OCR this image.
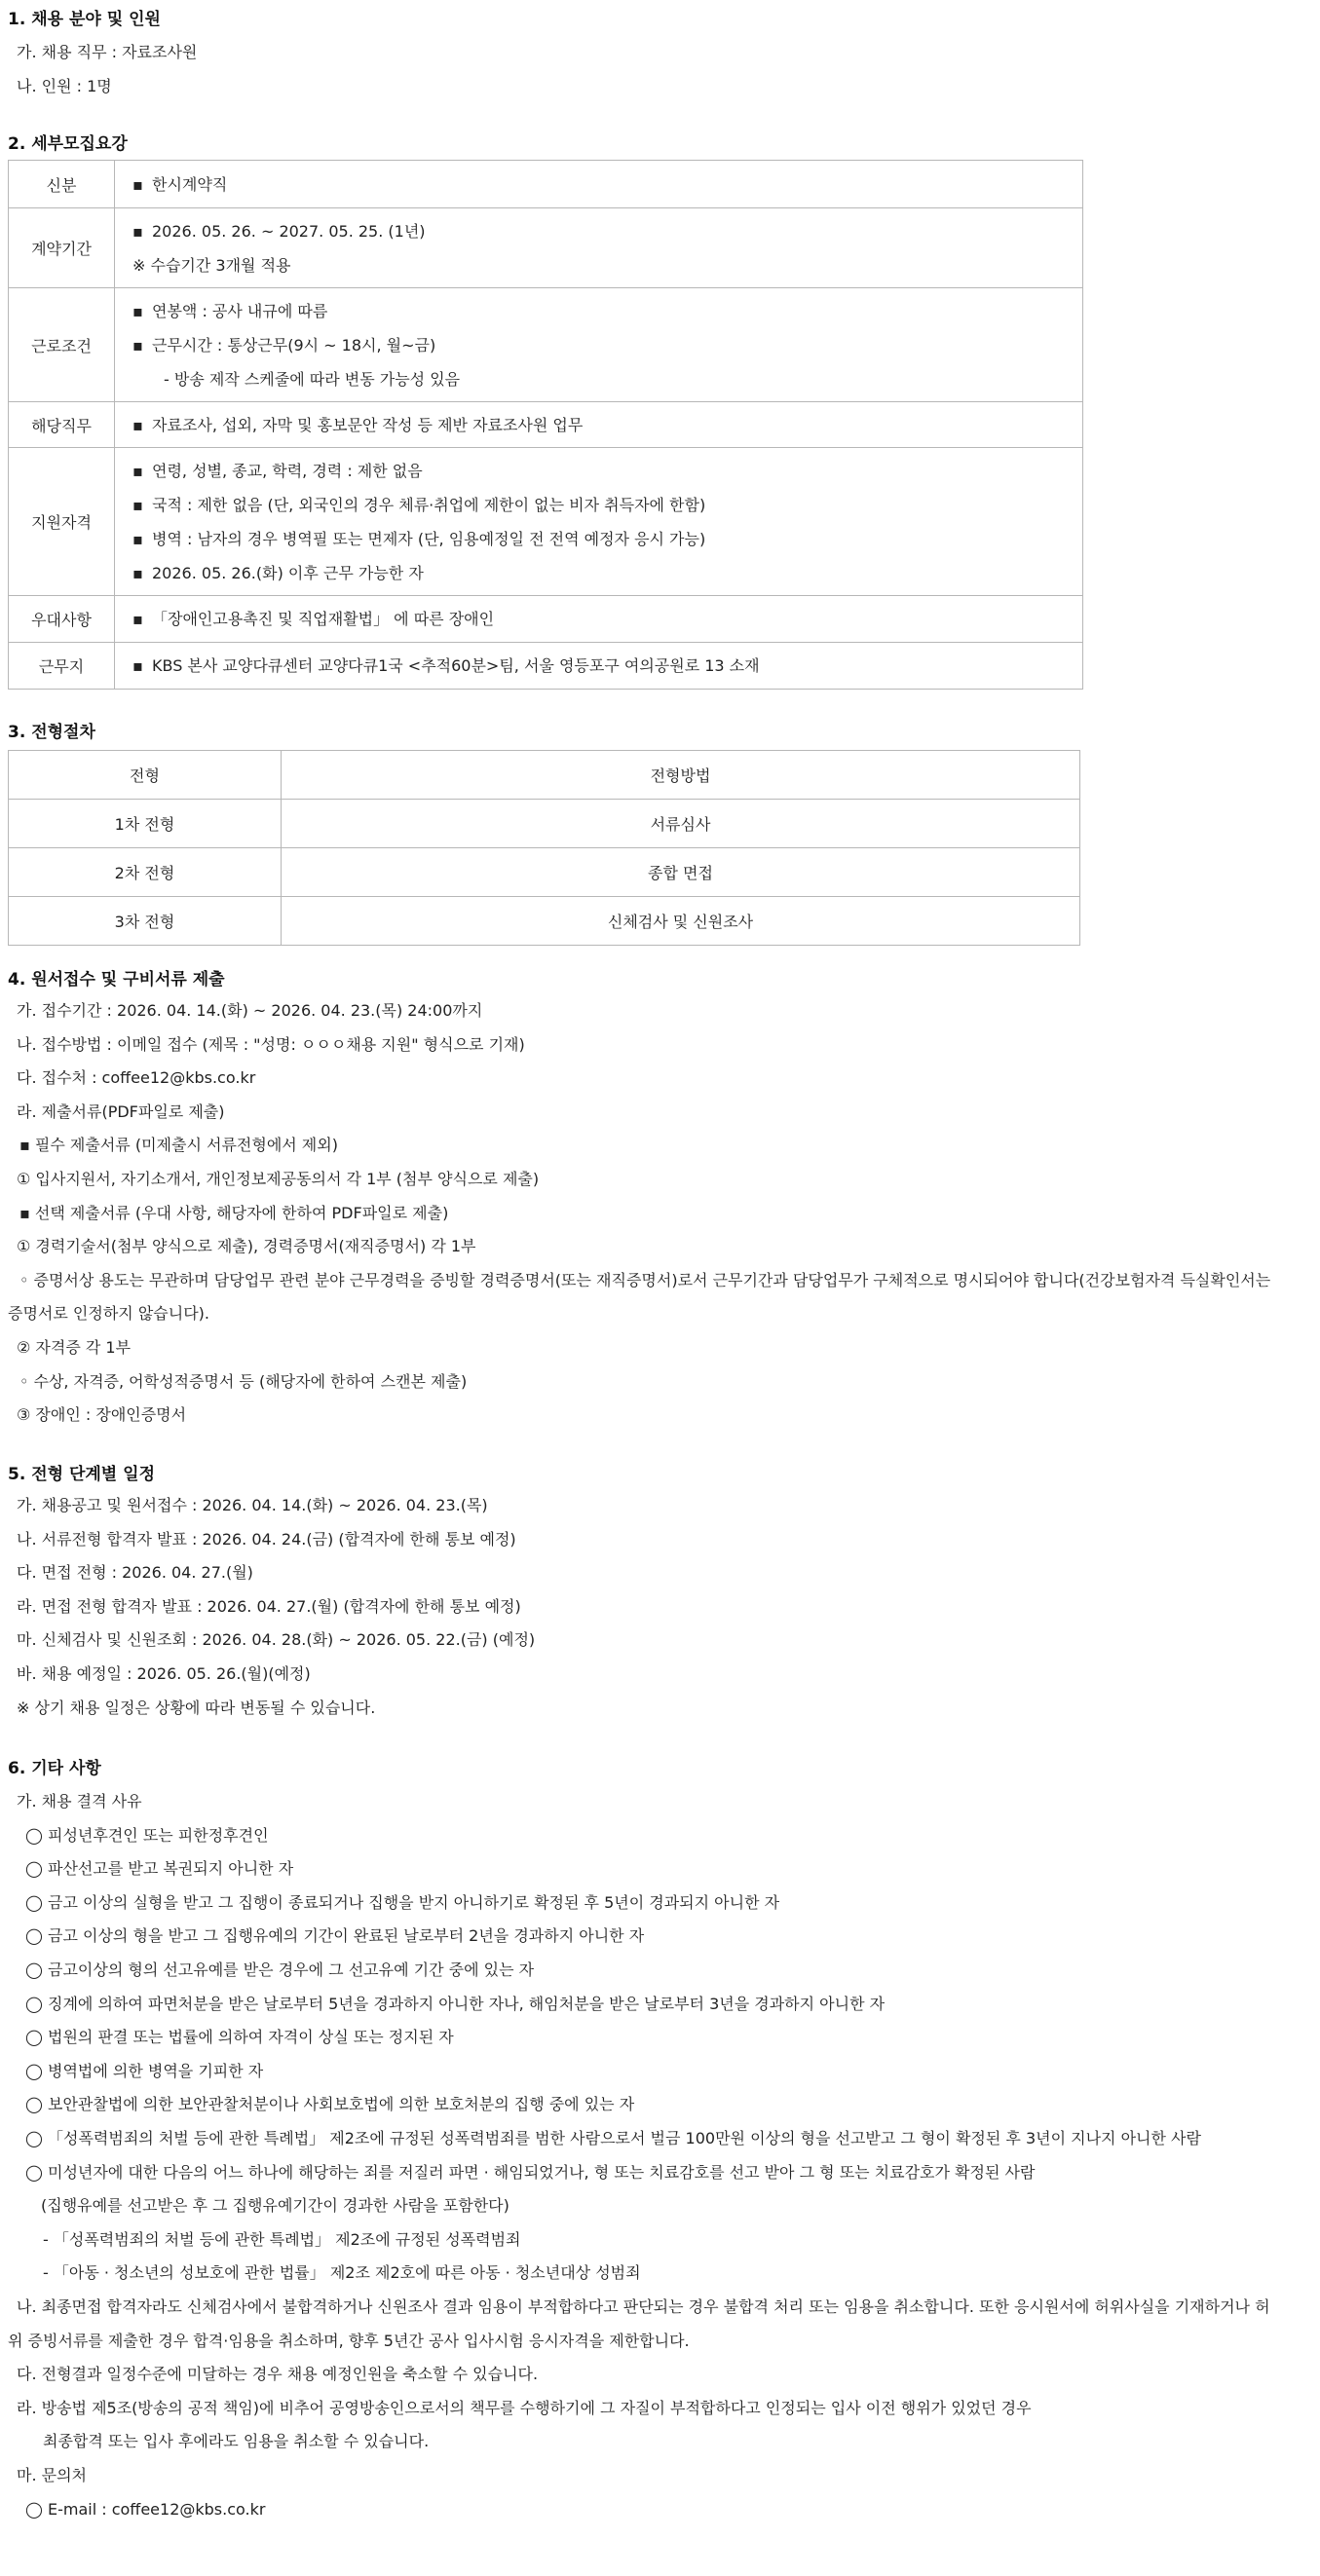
1. 채용 분야 및 인원
가. 채용 직무 : 자료조사원
나. 인원 : 1명
2. 세부모집요강
신분	▪ 한시계약직

계약기간	▪ 2026. 05. 26. ~ 2027. 05. 25. (1년)
※ 수습기간 3개월 적용

근로조건	▪ 연봉액 : 공사 내규에 따름
▪ 근무시간 : 통상근무(9시 ~ 18시, 월~금)
- 방송 제작 스케줄에 따라 변동 가능성 있음

해당직무	▪ 자료조사, 섭외, 자막 및 홍보문안 작성 등 제반 자료조사원 업무

지원자격	▪ 연령, 성별, 종교, 학력, 경력 : 제한 없음
▪ 국적 : 제한 없음 (단, 외국인의 경우 체류·취업에 제한이 없는 비자 취득자에 한함)
▪ 병역 : 남자의 경우 병역필 또는 면제자 (단, 임용예정일 전 전역 예정자 응시 가능)
▪ 2026. 05. 26.(화) 이후 근무 가능한 자

우대사항	▪ 「장애인고용촉진 및 직업재활법」 에 따른 장애인

근무지	▪ KBS 본사 교양다큐센터 교양다큐1국 <추적60분>팀, 서울 영등포구 여의공원로 13 소재
3. 전형절차
전형	전형방법
1차 전형	서류심사
2차 전형	종합 면접
3차 전형	신체검사 및 신원조사
4. 원서접수 및 구비서류 제출
가. 접수기간 : 2026. 04. 14.(화) ~ 2026. 04. 23.(목) 24:00까지
나. 접수방법 : 이메일 접수 (제목 : "성명: ㅇㅇㅇ채용 지원" 형식으로 기재)
다. 접수처 : coffee12@kbs.co.kr
라. 제출서류(PDF파일로 제출)
▪ 필수 제출서류 (미제출시 서류전형에서 제외)
① 입사지원서, 자기소개서, 개인정보제공동의서 각 1부 (첨부 양식으로 제출)
▪ 선택 제출서류 (우대 사항, 해당자에 한하여 PDF파일로 제출)
① 경력기술서(첨부 양식으로 제출), 경력증명서(재직증명서) 각 1부
◦ 증명서상 용도는 무관하며 담당업무 관련 분야 근무경력을 증빙할 경력증명서(또는 재직증명서)로서 근무기간과 담당업무가 구체적으로 명시되어야 합니다(건강보험자격 득실확인서는
증명서로 인정하지 않습니다).
② 자격증 각 1부
◦ 수상, 자격증, 어학성적증명서 등 (해당자에 한하여 스캔본 제출)
③ 장애인 : 장애인증명서
5. 전형 단계별 일정
가. 채용공고 및 원서접수 : 2026. 04. 14.(화) ~ 2026. 04. 23.(목)
나. 서류전형 합격자 발표 : 2026. 04. 24.(금) (합격자에 한해 통보 예정)
다. 면접 전형 : 2026. 04. 27.(월)
라. 면접 전형 합격자 발표 : 2026. 04. 27.(월) (합격자에 한해 통보 예정)
마. 신체검사 및 신원조회 : 2026. 04. 28.(화) ~ 2026. 05. 22.(금) (예정)
바. 채용 예정일 : 2026. 05. 26.(월)(예정)
※ 상기 채용 일정은 상황에 따라 변동될 수 있습니다.
6. 기타 사항
가. 채용 결격 사유
◯ 피성년후견인 또는 피한정후견인
◯ 파산선고를 받고 복권되지 아니한 자
◯ 금고 이상의 실형을 받고 그 집행이 종료되거나 집행을 받지 아니하기로 확정된 후 5년이 경과되지 아니한 자
◯ 금고 이상의 형을 받고 그 집행유예의 기간이 완료된 날로부터 2년을 경과하지 아니한 자
◯ 금고이상의 형의 선고유예를 받은 경우에 그 선고유예 기간 중에 있는 자
◯ 징계에 의하여 파면처분을 받은 날로부터 5년을 경과하지 아니한 자나, 해임처분을 받은 날로부터 3년을 경과하지 아니한 자
◯ 법원의 판결 또는 법률에 의하여 자격이 상실 또는 정지된 자
◯ 병역법에 의한 병역을 기피한 자
◯ 보안관찰법에 의한 보안관찰처분이나 사회보호법에 의한 보호처분의 집행 중에 있는 자
◯ 「성폭력범죄의 처벌 등에 관한 특례법」 제2조에 규정된 성폭력범죄를 범한 사람으로서 벌금 100만원 이상의 형을 선고받고 그 형이 확정된 후 3년이 지나지 아니한 사람
◯ 미성년자에 대한 다음의 어느 하나에 해당하는 죄를 저질러 파면 · 해임되었거나, 형 또는 치료감호를 선고 받아 그 형 또는 치료감호가 확정된 사람
(집행유예를 선고받은 후 그 집행유예기간이 경과한 사람을 포함한다)
- 「성폭력범죄의 처벌 등에 관한 특례법」 제2조에 규정된 성폭력범죄
- 「아동 · 청소년의 성보호에 관한 법률」 제2조 제2호에 따른 아동 · 청소년대상 성범죄
나. 최종면접 합격자라도 신체검사에서 불합격하거나 신원조사 결과 임용이 부적합하다고 판단되는 경우 불합격 처리 또는 임용을 취소합니다. 또한 응시원서에 허위사실을 기재하거나 허
위 증빙서류를 제출한 경우 합격·임용을 취소하며, 향후 5년간 공사 입사시험 응시자격을 제한합니다.
다. 전형결과 일정수준에 미달하는 경우 채용 예정인원을 축소할 수 있습니다.
라. 방송법 제5조(방송의 공적 책임)에 비추어 공영방송인으로서의 책무를 수행하기에 그 자질이 부적합하다고 인정되는 입사 이전 행위가 있었던 경우
최종합격 또는 입사 후에라도 임용을 취소할 수 있습니다.
마. 문의처
◯ E-mail : coffee12@kbs.co.kr
